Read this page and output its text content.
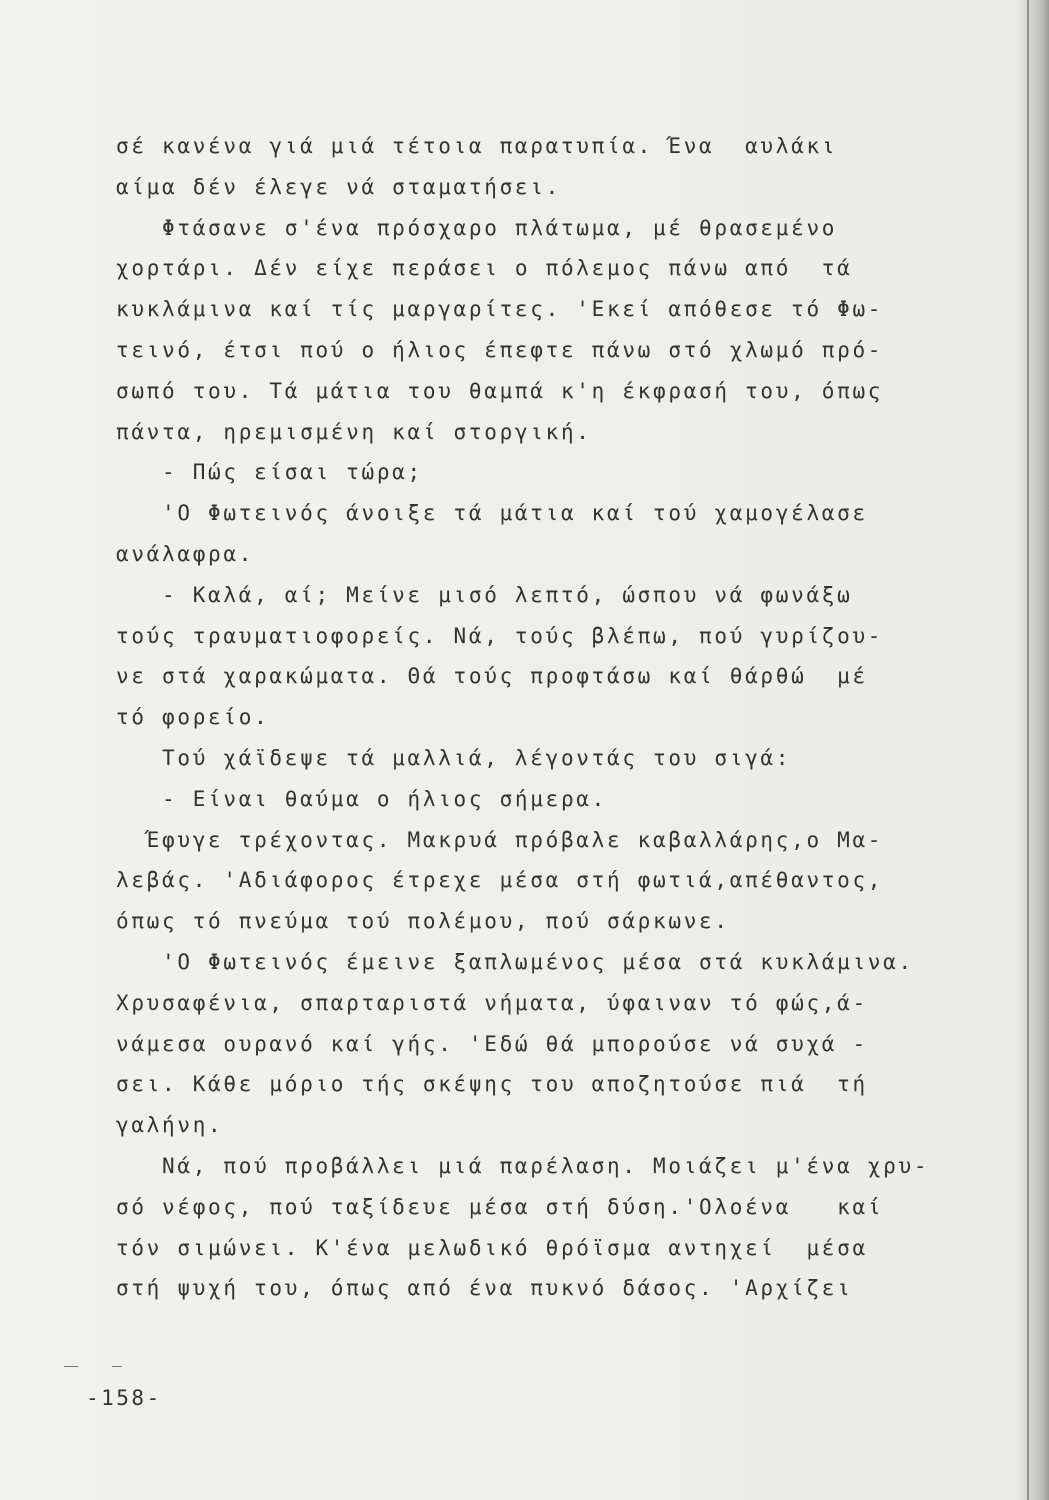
σέ κανένα γιά μιά τέτοια παρατυπία. Ένα  αυλάκι
αίμα δέν έλεγε νά σταματήσει.
Φτάσανε σ'ένα πρόσχαρο πλάτωμα, μέ θρασεμένο
χορτάρι. Δέν είχε περάσει ο πόλεμος πάνω από  τά
κυκλάμινα καί τίς μαργαρίτες. 'Εκεί απόθεσε τό Φω-
τεινό, έτσι πού ο ήλιος έπεφτε πάνω στό χλωμό πρό-
σωπό του. Τά μάτια του θαμπά κ'η έκφρασή του, όπως
πάντα, ηρεμισμένη καί στοργική.
- Πώς είσαι τώρα;
'Ο Φωτεινός άνοιξε τά μάτια καί τού χαμογέλασε
ανάλαφρα.
- Καλά, αί; Μείνε μισό λεπτό, ώσπου νά φωνάξω
τούς τραυματιοφορείς. Νά, τούς βλέπω, πού γυρίζου-
νε στά χαρακώματα. Θά τούς προφτάσω καί θάρθώ  μέ
τό φορείο.
Τού χάϊδεψε τά μαλλιά, λέγοντάς του σιγά:
- Είναι θαύμα ο ήλιος σήμερα.
Έφυγε τρέχοντας. Μακρυά πρόβαλε καβαλλάρης,ο Μα-
λεβάς. 'Αδιάφορος έτρεχε μέσα στή φωτιά,απέθαντος,
όπως τό πνεύμα τού πολέμου, πού σάρκωνε.
'Ο Φωτεινός έμεινε ξαπλωμένος μέσα στά κυκλάμινα.
Χρυσαφένια, σπαρταριστά νήματα, ύφαιναν τό φώς,ά-
νάμεσα ουρανό καί γής. 'Εδώ θά μπορούσε νά συχά -
σει. Κάθε μόριο τής σκέψης του αποζητούσε πιά  τή
γαλήνη.
Νά, πού προβάλλει μιά παρέλαση. Μοιάζει μ'ένα χρυ-
σό νέφος, πού ταξίδευε μέσα στή δύση.'Ολοένα   καί
τόν σιμώνει. Κ'ένα μελωδικό θρόϊσμα αντηχεί  μέσα
στή ψυχή του, όπως από ένα πυκνό δάσος. 'Αρχίζει
-158-
